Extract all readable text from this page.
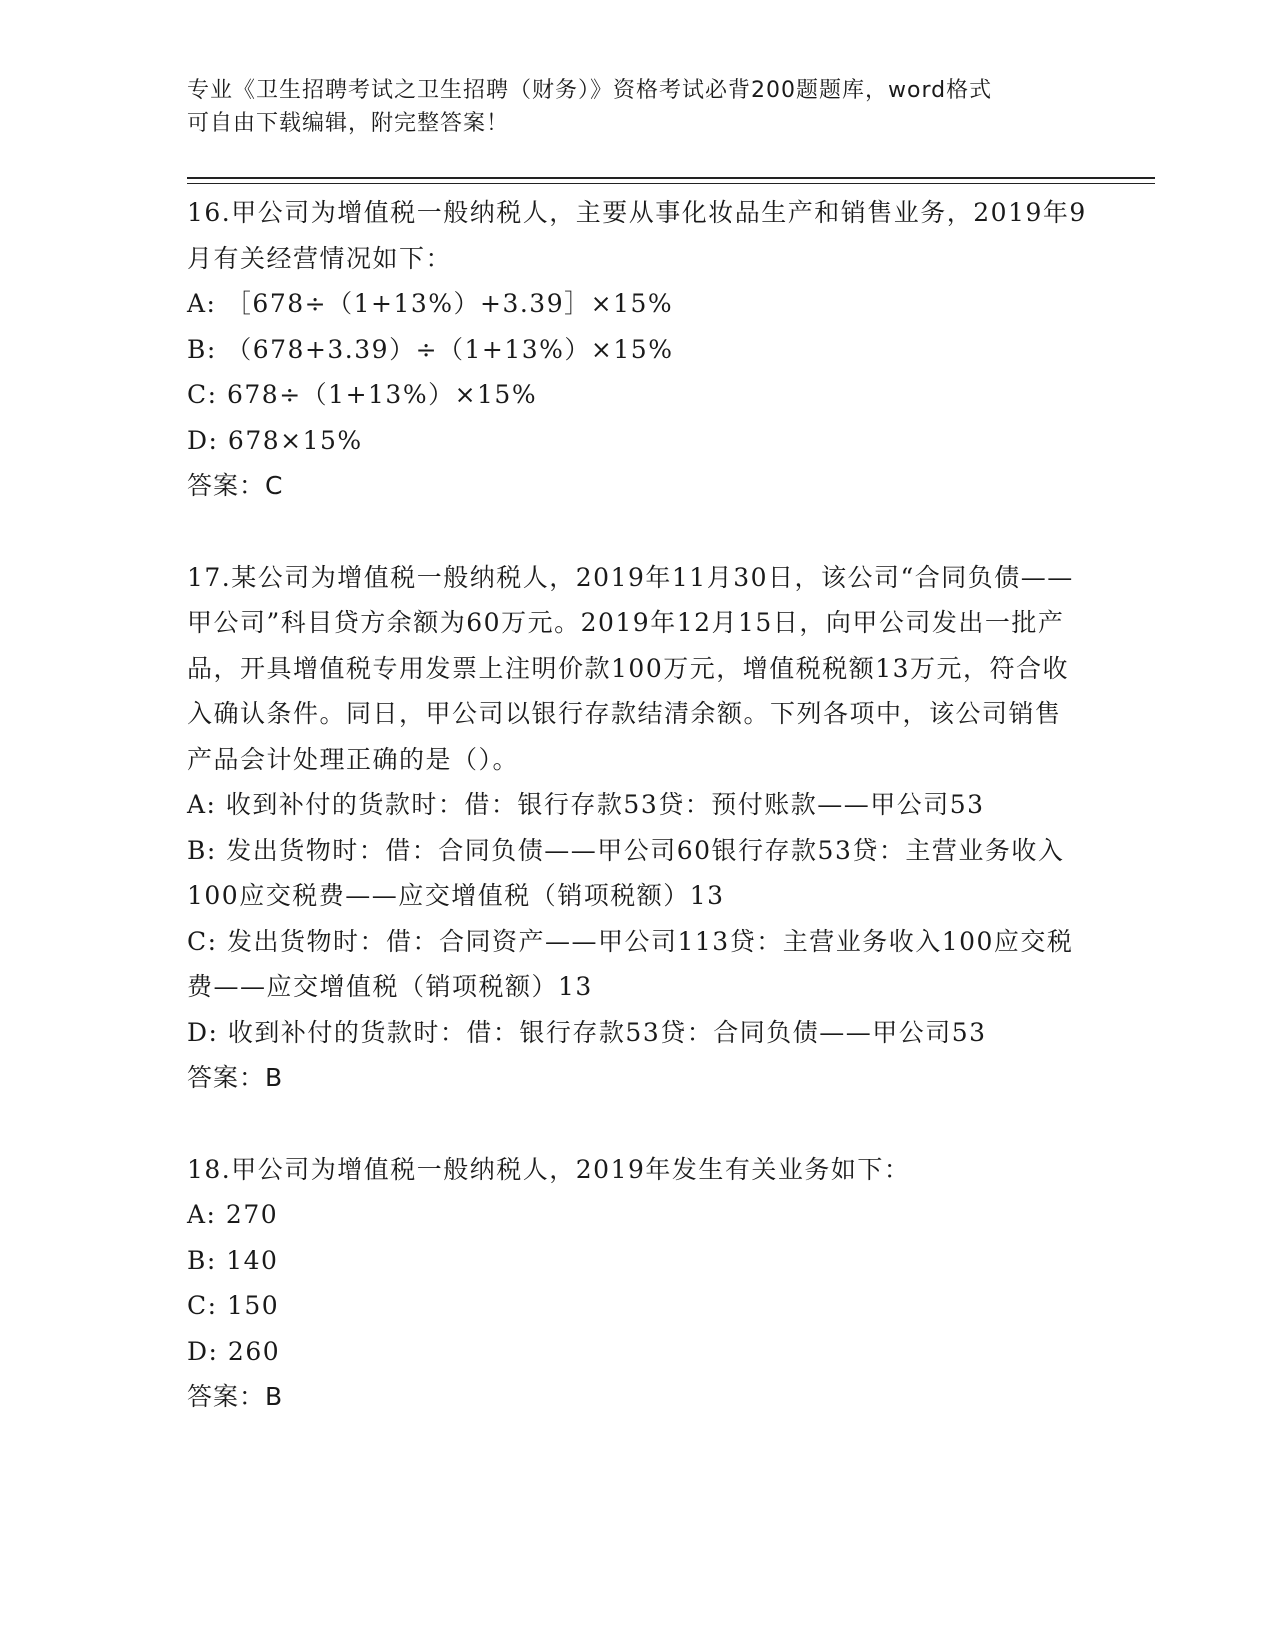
专业《卫生招聘考试之卫生招聘（财务）》资格考试必背200题题库，word格式
可自由下载编辑，附完整答案！

16.甲公司为增值税一般纳税人，主要从事化妆品生产和销售业务，2019年9月有关经营情况如下：

A: ［678÷（1+13%）+3.39］×15%

B: （678+3.39）÷（1+13%）×15%

C: 678÷（1+13%）×15%

D: 678×15%

答案：C

17.某公司为增值税一般纳税人，2019年11月30日，该公司“合同负债——甲公司”科目贷方余额为60万元。2019年12月15日，向甲公司发出一批产品，开具增值税专用发票上注明价款100万元，增值税税额13万元，符合收入确认条件。同日，甲公司以银行存款结清余额。下列各项中，该公司销售产品会计处理正确的是（）。

A: 收到补付的货款时：借：银行存款53贷：预付账款——甲公司53

B: 发出货物时：借：合同负债——甲公司60银行存款53贷：主营业务收入100应交税费——应交增值税（销项税额）13

C: 发出货物时：借：合同资产——甲公司113贷：主营业务收入100应交税费——应交增值税（销项税额）13

D: 收到补付的货款时：借：银行存款53贷：合同负债——甲公司53

答案：B

18.甲公司为增值税一般纳税人，2019年发生有关业务如下：

A: 270

B: 140

C: 150

D: 260

答案：B
